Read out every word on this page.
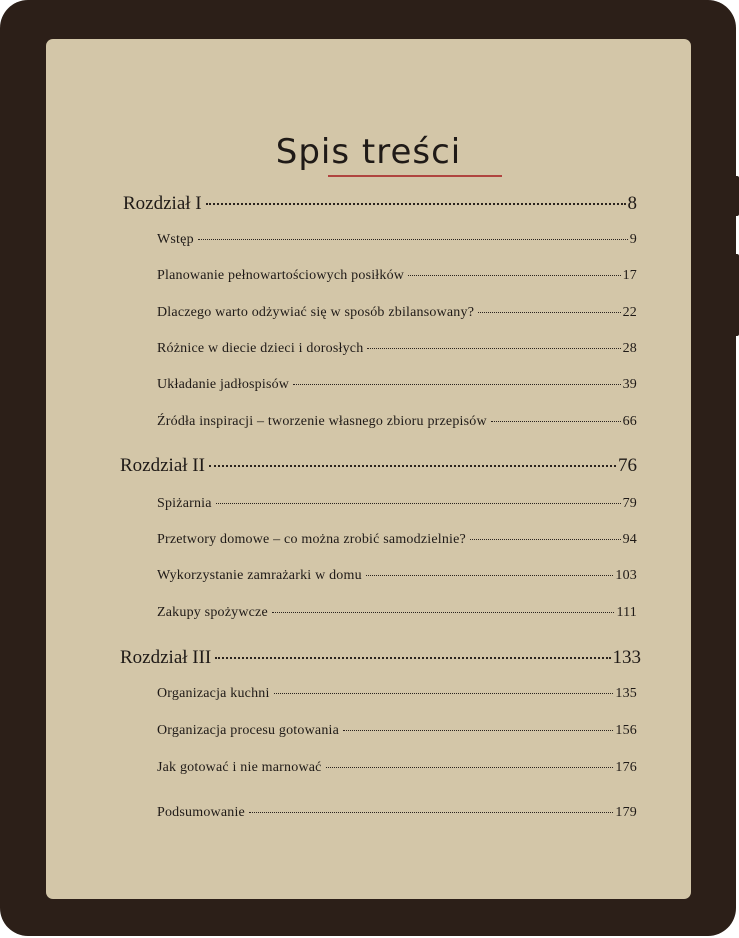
Spis treści
Rozdział I	8
Wstęp	9
Planowanie pełnowartościowych posiłków	17
Dlaczego warto odżywiać się w sposób zbilansowany?	22
Różnice w diecie dzieci i dorosłych	28
Układanie jadłospisów	39
Źródła inspiracji – tworzenie własnego zbioru przepisów	66
Rozdział II	76
Spiżarnia	79
Przetwory domowe – co można zrobić samodzielnie?	94
Wykorzystanie zamrażarki w domu	103
Zakupy spożywcze	111
Rozdział III	133
Organizacja kuchni	135
Organizacja procesu gotowania	156
Jak gotować i nie marnować	176
Podsumowanie	179
